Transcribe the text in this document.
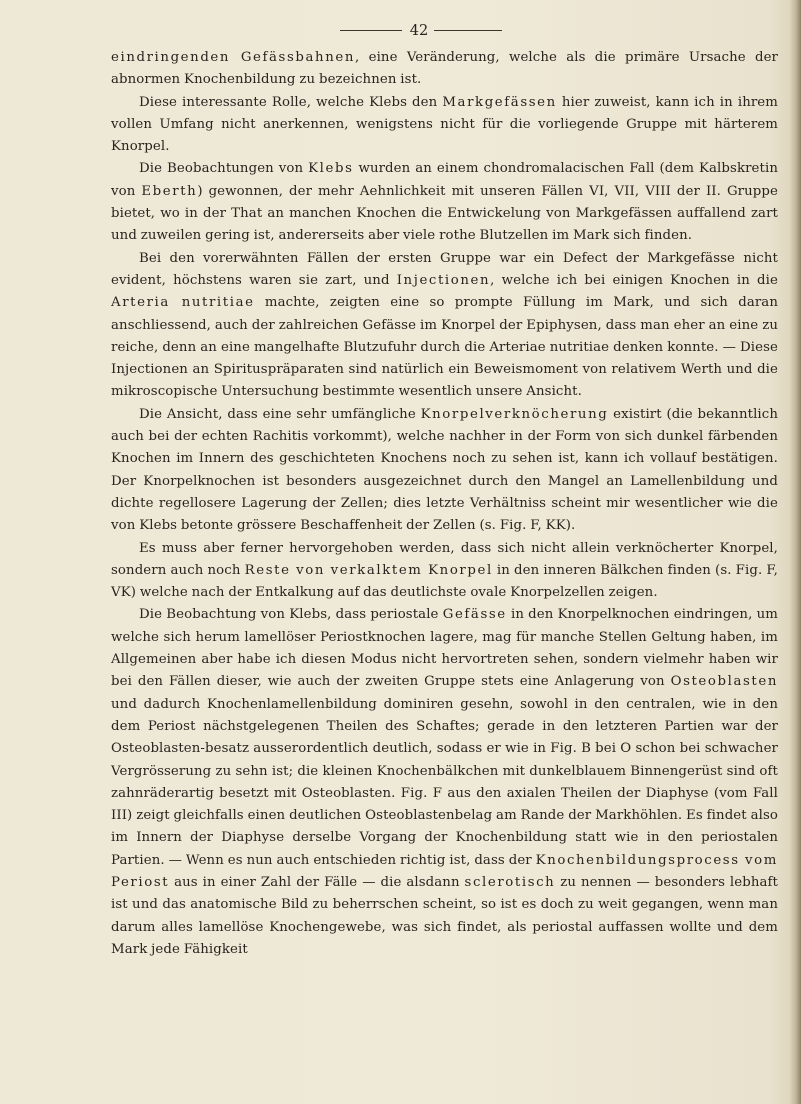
42

eindringenden Gefässbahnen, eine Veränderung, welche als die primäre Ursache der abnormen Knochenbildung zu bezeichnen ist.

Diese interessante Rolle, welche Klebs den Markgefässen hier zuweist, kann ich in ihrem vollen Umfang nicht anerkennen, wenigstens nicht für die vorliegende Gruppe mit härterem Knorpel.

Die Beobachtungen von Klebs wurden an einem chondromalacischen Fall (dem Kalbskretin von Eberth) gewonnen, der mehr Aehnlichkeit mit unseren Fällen VI, VII, VIII der II. Gruppe bietet, wo in der That an manchen Knochen die Entwickelung von Markgefässen auffallend zart und zuweilen gering ist, andererseits aber viele rothe Blutzellen im Mark sich finden.

Bei den vorerwähnten Fällen der ersten Gruppe war ein Defect der Markgefässe nicht evident, höchstens waren sie zart, und Injectionen, welche ich bei einigen Knochen in die Arteria nutritiae machte, zeigten eine so prompte Füllung im Mark, und sich daran anschliessend, auch der zahlreichen Gefässe im Knorpel der Epiphysen, dass man eher an eine zu reiche, denn an eine mangelhafte Blutzufuhr durch die Arteriae nutritiae denken konnte. — Diese Injectionen an Spirituspräparaten sind natürlich ein Beweismoment von relativem Werth und die mikroscopische Untersuchung bestimmte wesentlich unsere Ansicht.

Die Ansicht, dass eine sehr umfängliche Knorpelverknöcherung existirt (die bekanntlich auch bei der echten Rachitis vorkommt), welche nachher in der Form von sich dunkel färbenden Knochen im Innern des geschichteten Knochens noch zu sehen ist, kann ich vollauf bestätigen. Der Knorpelknochen ist besonders ausgezeichnet durch den Mangel an Lamellenbildung und dichte regellosere Lagerung der Zellen; dies letzte Verhältniss scheint mir wesentlicher wie die von Klebs betonte grössere Beschaffenheit der Zellen (s. Fig. F, KK).

Es muss aber ferner hervorgehoben werden, dass sich nicht allein verknöcherter Knorpel, sondern auch noch Reste von verkalktem Knorpel in den inneren Bälkchen finden (s. Fig. F, VK) welche nach der Entkalkung auf das deutlichste ovale Knorpelzellen zeigen.

Die Beobachtung von Klebs, dass periostale Gefässe in den Knorpelknochen eindringen, um welche sich herum lamellöser Periostknochen lagere, mag für manche Stellen Geltung haben, im Allgemeinen aber habe ich diesen Modus nicht hervortreten sehen, sondern vielmehr haben wir bei den Fällen dieser, wie auch der zweiten Gruppe stets eine Anlagerung von Osteoblasten und dadurch Knochenlamellenbildung dominiren gesehn, sowohl in den centralen, wie in den dem Periost nächstgelegenen Theilen des Schaftes; gerade in den letzteren Partien war der Osteoblasten-besatz ausserordentlich deutlich, sodass er wie in Fig. B bei O schon bei schwacher Vergrösserung zu sehn ist; die kleinen Knochenbälkchen mit dunkelblauem Binnengerüst sind oft zahnräderartig besetzt mit Osteoblasten. Fig. F aus den axialen Theilen der Diaphyse (vom Fall III) zeigt gleichfalls einen deutlichen Osteoblastenbelag am Rande der Markhöhlen. Es findet also im Innern der Diaphyse derselbe Vorgang der Knochenbildung statt wie in den periostalen Partien. — Wenn es nun auch entschieden richtig ist, dass der Knochenbildungsprocess vom Periost aus in einer Zahl der Fälle — die alsdann sclerotisch zu nennen — besonders lebhaft ist und das anatomische Bild zu beherrschen scheint, so ist es doch zu weit gegangen, wenn man darum alles lamellöse Knochengewebe, was sich findet, als periostal auffassen wollte und dem Mark jede Fähigkeit
